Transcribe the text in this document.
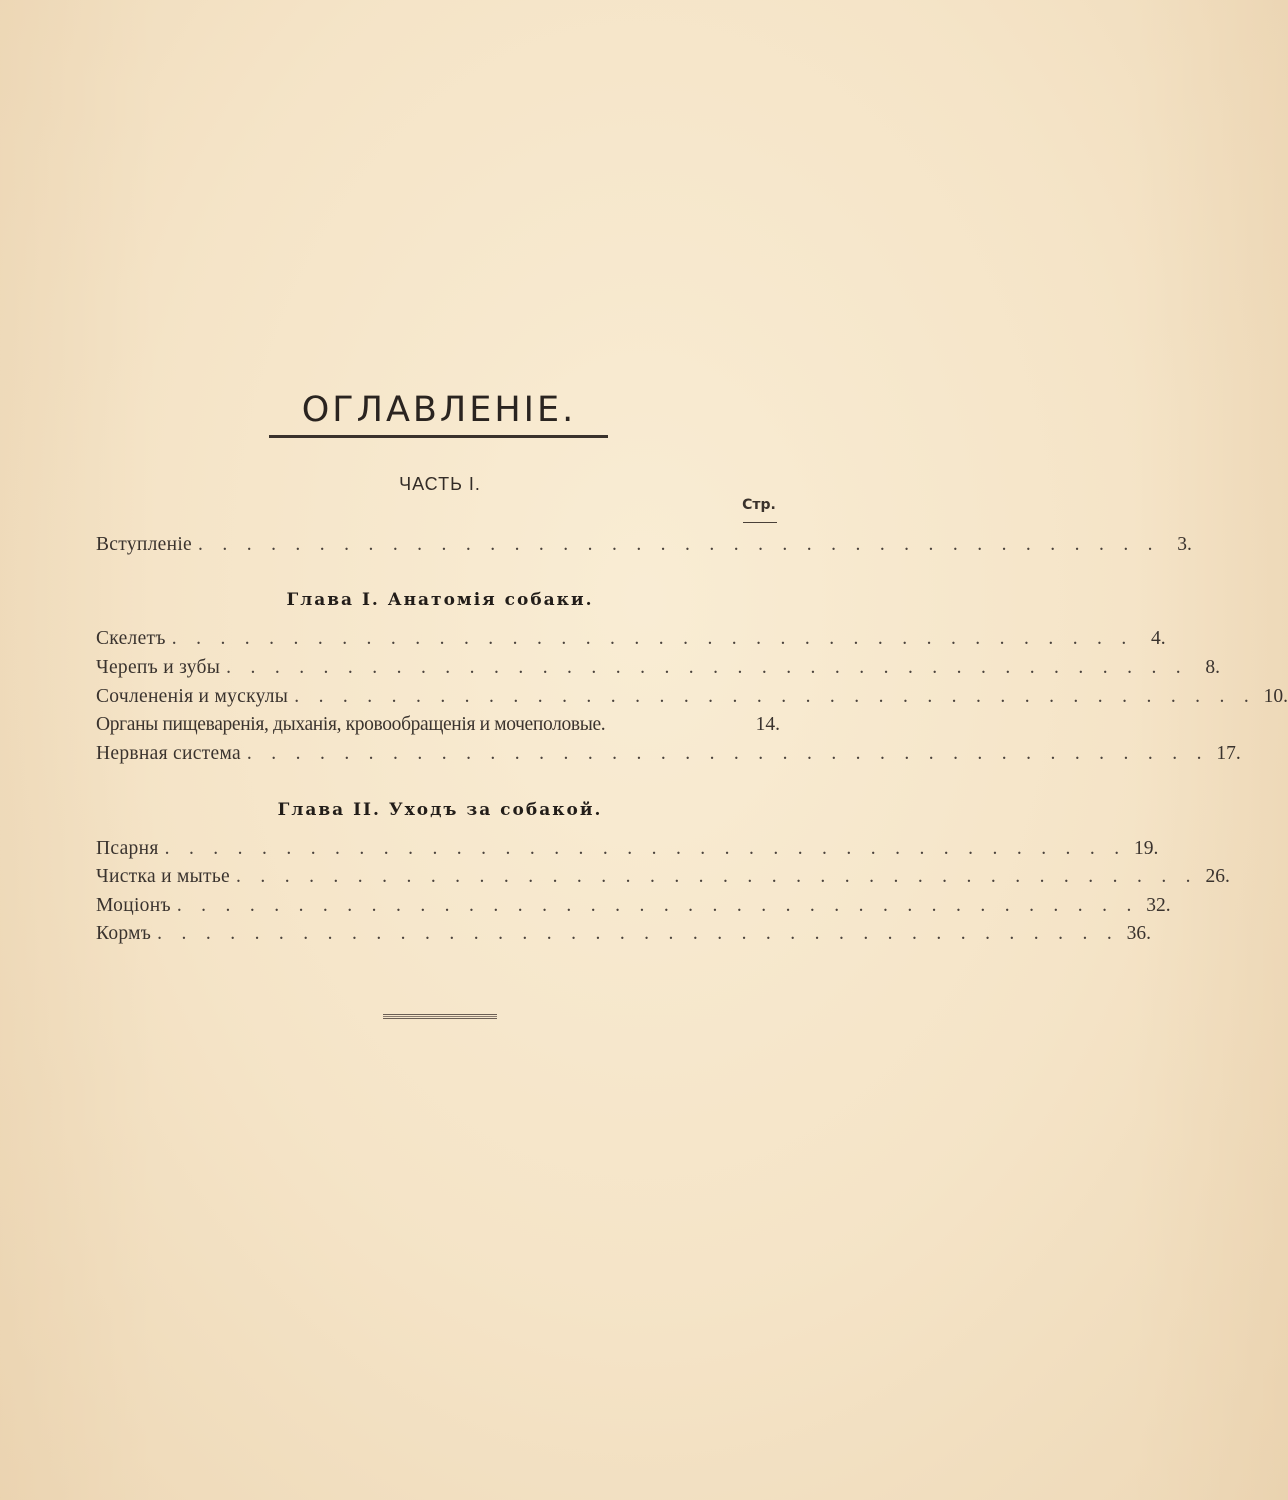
ОГЛАВЛЕНІЕ.
ЧАСТЬ I.
Стр.
Вступленіе . . . . . . . . . . . . . . . . . . . . . . . . . . . . . . . . . . . . . . . . 3.
Глава I. Анатомія собаки.
Скелетъ . . . . . . . . . . . . . . . . . . . . . . . . . . . . . . . . . . . . . . . . 4.
Черепъ и зубы . . . . . . . . . . . . . . . . . . . . . . . . . . . . . . . . . . . . . . . . 8.
Сочлененія и мускулы . . . . . . . . . . . . . . . . . . . . . . . . . . . . . . . . . . . . . . . . 10.
Органы пищеваренія, дыханія, кровообращенія и мочеполовые.	14.
Нервная система . . . . . . . . . . . . . . . . . . . . . . . . . . . . . . . . . . . . . . . . 17.
Глава II. Уходъ за собакой.
Псарня . . . . . . . . . . . . . . . . . . . . . . . . . . . . . . . . . . . . . . . . 19.
Чистка и мытье . . . . . . . . . . . . . . . . . . . . . . . . . . . . . . . . . . . . . . . . 26.
Моціонъ . . . . . . . . . . . . . . . . . . . . . . . . . . . . . . . . . . . . . . . . 32.
Кормъ . . . . . . . . . . . . . . . . . . . . . . . . . . . . . . . . . . . . . . . . 36.
